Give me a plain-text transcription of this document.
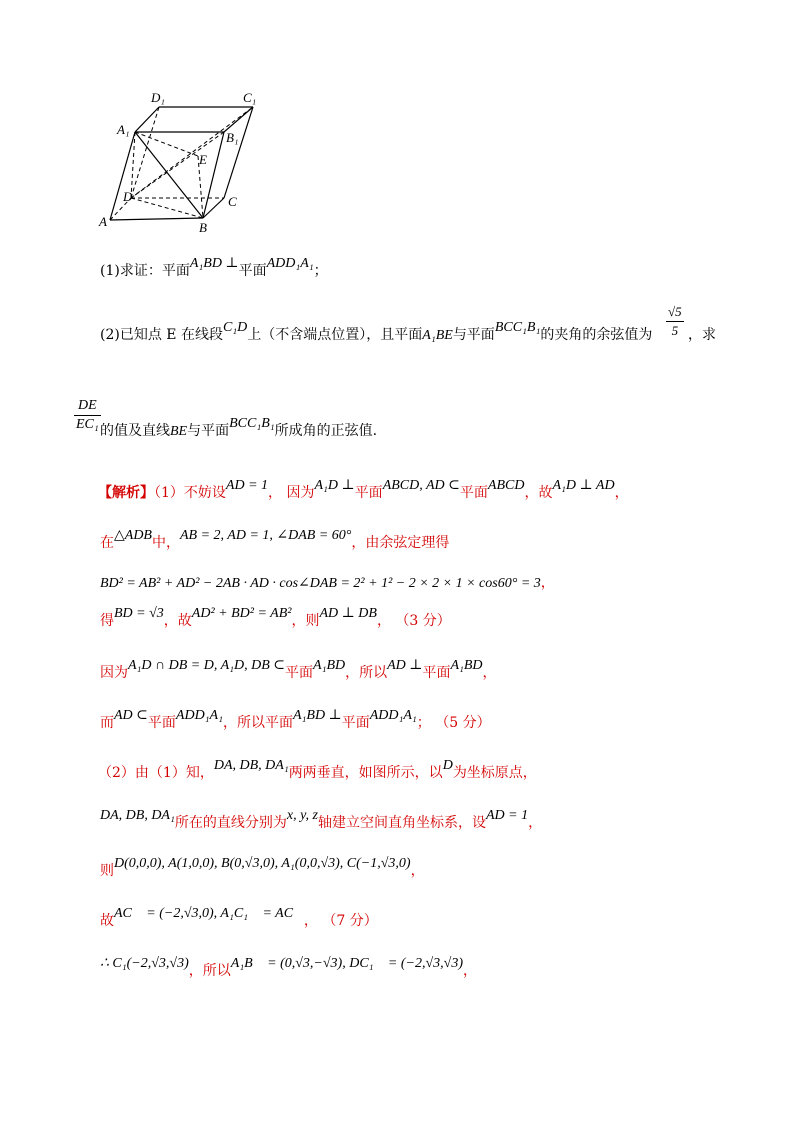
D₁	C₁
A₁
B₁
E
D	C
A	B
(1)求证：平面A₁BD ⊥平面ADD₁A₁；
(2)已知点 E 在线段C₁D上（不含端点位置），且平面A₁BE与平面BCC₁B₁的夹角的余弦值为
√5
5 ，求
DE
EC₁ 的值及直线BE与平面BCC₁B₁所成角的正弦值.
【解析】（1）不妨设AD = 1， 因为A₁D ⊥平面ABCD, AD ⊂平面ABCD，故A₁D ⊥ AD，
在△ADB中，AB = 2, AD = 1, ∠DAB = 60°，由余弦定理得
BD² = AB² + AD² − 2AB · AD · cos∠DAB = 2² + 1² − 2 × 2 × 1 × cos60° = 3，
得BD = √3，故AD² + BD² = AB²，则AD ⊥ DB， （3 分）
因为A₁D ∩ DB = D, A₁D, DB ⊂平面A₁BD，所以AD ⊥平面A₁BD，
而AD ⊂平面ADD₁A₁，所以平面A₁BD ⊥平面ADD₁A₁； （5 分）
（2）由（1）知，DA, DB, DA₁两两垂直，如图所示，以D为坐标原点，
DA, DB, DA₁所在的直线分别为x, y, z轴建立空间直角坐标系，设AD = 1，
则D(0,0,0), A(1,0,0), B(0,√3,0), A₁(0,0,√3), C(−1,√3,0)，
故AC⃗ = (−2,√3,0), A₁C₁⃗ = AC⃗， （7 分）
∴ C₁(−2,√3,√3)，所以A₁B⃗ = (0,√3,−√3), DC₁⃗ = (−2,√3,√3)，
